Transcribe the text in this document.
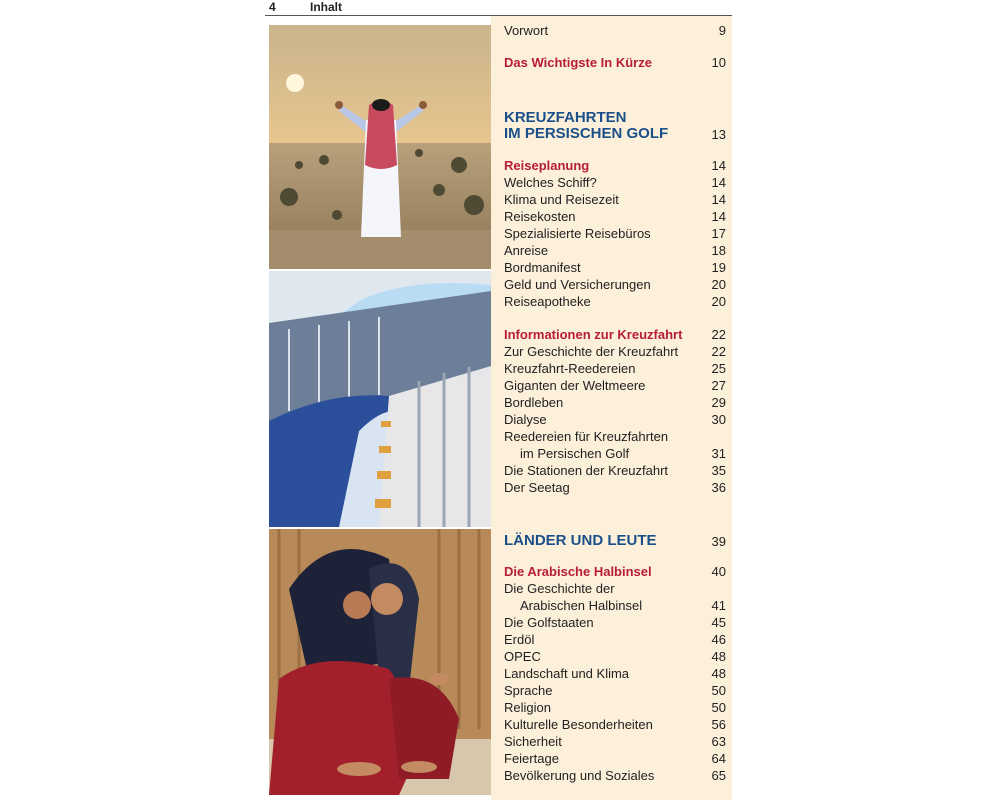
4	Inhalt
Vorwort	9
Das Wichtigste In Kürze	10
KREUZFAHRTEN
IM PERSISCHEN GOLF	13
Reiseplanung	14
Welches Schiff?	14
Klima und Reisezeit	14
Reisekosten	14
Spezialisierte Reisebüros	17
Anreise	18
Bordmanifest	19
Geld und Versicherungen	20
Reiseapotheke	20
Informationen zur Kreuzfahrt 22
Zur Geschichte der Kreuzfahrt	22
Kreuzfahrt-Reedereien	25
Giganten der Weltmeere	27
Bordleben	29
Dialyse	30
Reedereien für Kreuzfahrten
im Persischen Golf	31
Die Stationen der Kreuzfahrt	35
Der Seetag	36
LÄNDER UND LEUTE	39
Die Arabische Halbinsel	40
Die Geschichte der
Arabischen Halbinsel	41
Die Golfstaaten	45
Erdöl	46
OPEC	48
Landschaft und Klima	48
Sprache	50
Religion	50
Kulturelle Besonderheiten	56
Sicherheit	63
Feiertage	64
Bevölkerung und Soziales	65
